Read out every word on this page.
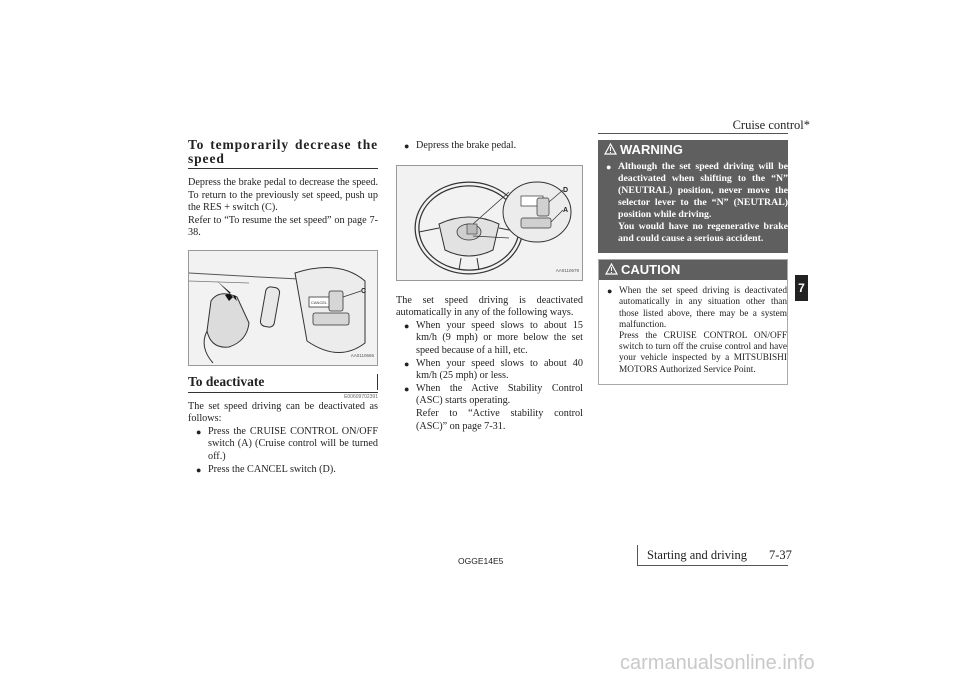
Cruise control*
7
To temporarily decrease the speed

Depress the brake pedal to decrease the speed. To return to the previously set speed, push up the RES + switch (C).

Refer to “To resume the set speed” on page 7-38.

CANCEL
C
AA0110666
To deactivate
E00609702391

The set speed driving can be deactivated as follows:

● Press the CRUISE CONTROL ON/OFF switch (A) (Cruise control will be turned off.)
● Press the CANCEL switch (D).
● Depress the brake pedal.
D
A
AA0110679

The set speed driving is deactivated automatically in any of the following ways.

● When your speed slows to about 15 km/h (9 mph) or more below the set speed because of a hill, etc.
● When your speed slows to about 40 km/h (25 mph) or less.
● When the Active Stability Control (ASC) starts operating.
Refer to “Active stability control (ASC)” on page 7-31.
WARNING
● Although the set speed driving will be deactivated when shifting to the “N” (NEUTRAL) position, never move the selector lever to the “N” (NEUTRAL) position while driving.
You would have no regenerative brake and could cause a serious accident.
CAUTION
● When the set speed driving is deactivated automatically in any situation other than those listed above, there may be a system malfunction.
Press the CRUISE CONTROL ON/OFF switch to turn off the cruise control and have your vehicle inspected by a MITSUBISHI MOTORS Authorized Service Point.
OGGE14E5	Starting and driving 7-37
carmanualsonline.info
